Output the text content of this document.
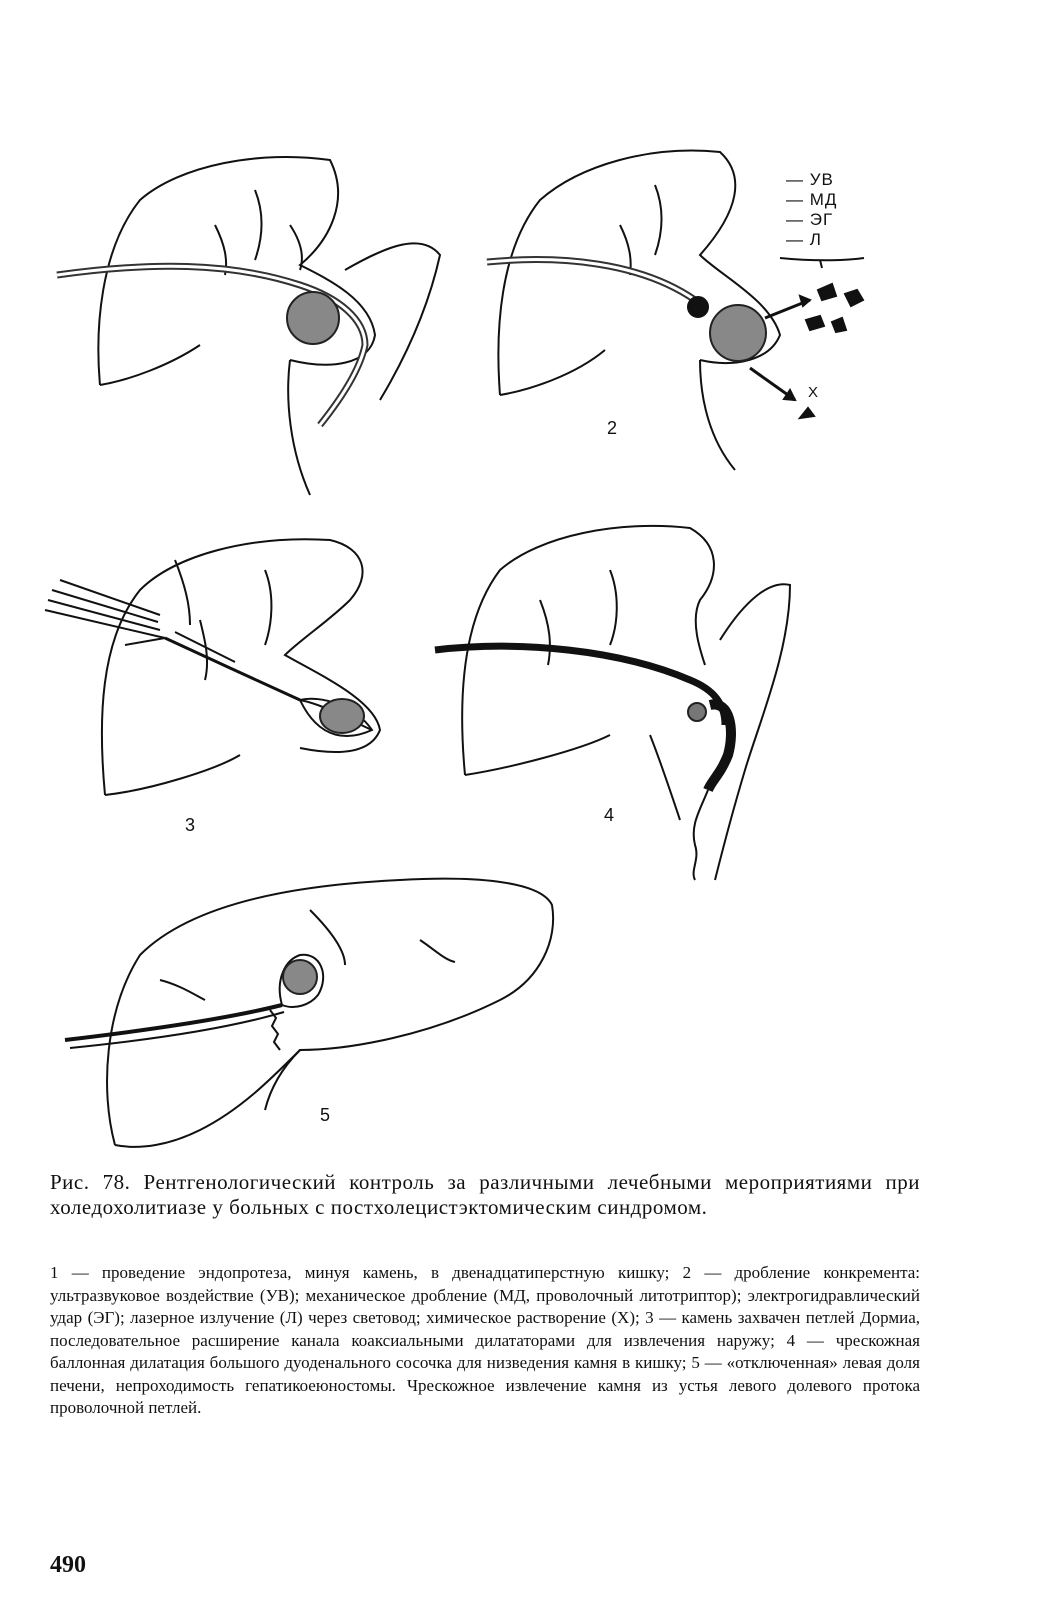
— УВ
— МД
— ЭГ
— Л
Х
2
3	4
5
Рис. 78. Рентгенологический контроль за различными лечебными мероприятиями при холедохолитиазе у больных с постхолецистэктомическим синдромом.
1 — проведение эндопротеза, минуя камень, в двенадцатиперстную кишку; 2 — дробление конкремента: ультразвуковое воздействие (УВ); механическое дробление (МД, проволочный литотриптор); электрогидравлический удар (ЭГ); лазерное излучение (Л) через световод; химическое растворение (Х); 3 — камень захвачен петлей Дормиа, последовательное расширение канала коаксиальными дилататорами для извлечения наружу; 4 — чрескожная баллонная дилатация большого дуоденального сосочка для низведения камня в кишку; 5 — «отключенная» левая доля печени, непроходимость гепатикоеюностомы. Чрескожное извлечение камня из устья левого долевого протока проволочной петлей.
490
